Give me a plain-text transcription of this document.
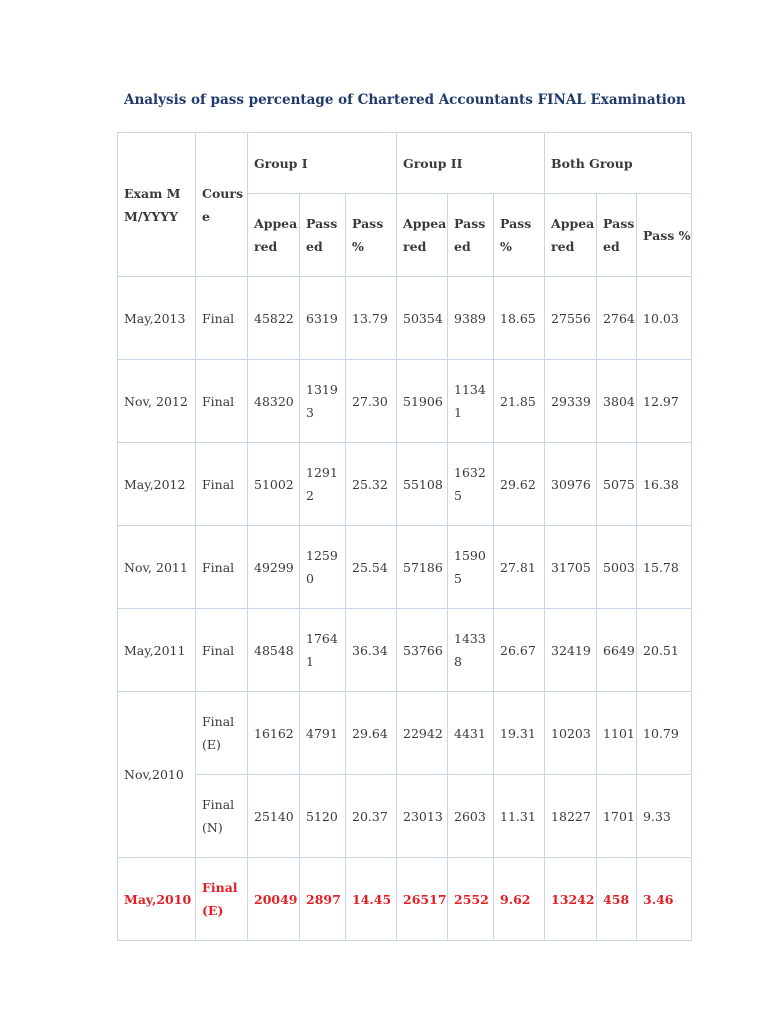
Analysis of pass percentage of Chartered Accountants FINAL Examination
Exam MM/YYYY	Course	Group I			Group II			Both Group		
		Appeared	Passed	Pass %	Appeared	Passed	Pass %	Appeared	Passed	Pass %
May,2013	Final	45822	6319	13.79	50354	9389	18.65	27556	2764	10.03
Nov, 2012	Final	48320	13193	27.30	51906	11341	21.85	29339	3804	12.97
May,2012	Final	51002	12912	25.32	55108	16325	29.62	30976	5075	16.38
Nov, 2011	Final	49299	12590	25.54	57186	15905	27.81	31705	5003	15.78
May,2011	Final	48548	17641	36.34	53766	14338	26.67	32419	6649	20.51
Nov,2010	Final (E)	16162	4791	29.64	22942	4431	19.31	10203	1101	10.79
	Final (N)	25140	5120	20.37	23013	2603	11.31	18227	1701	9.33
May,2010	Final (E)	20049	2897	14.45	26517	2552	9.62	13242	458	3.46
